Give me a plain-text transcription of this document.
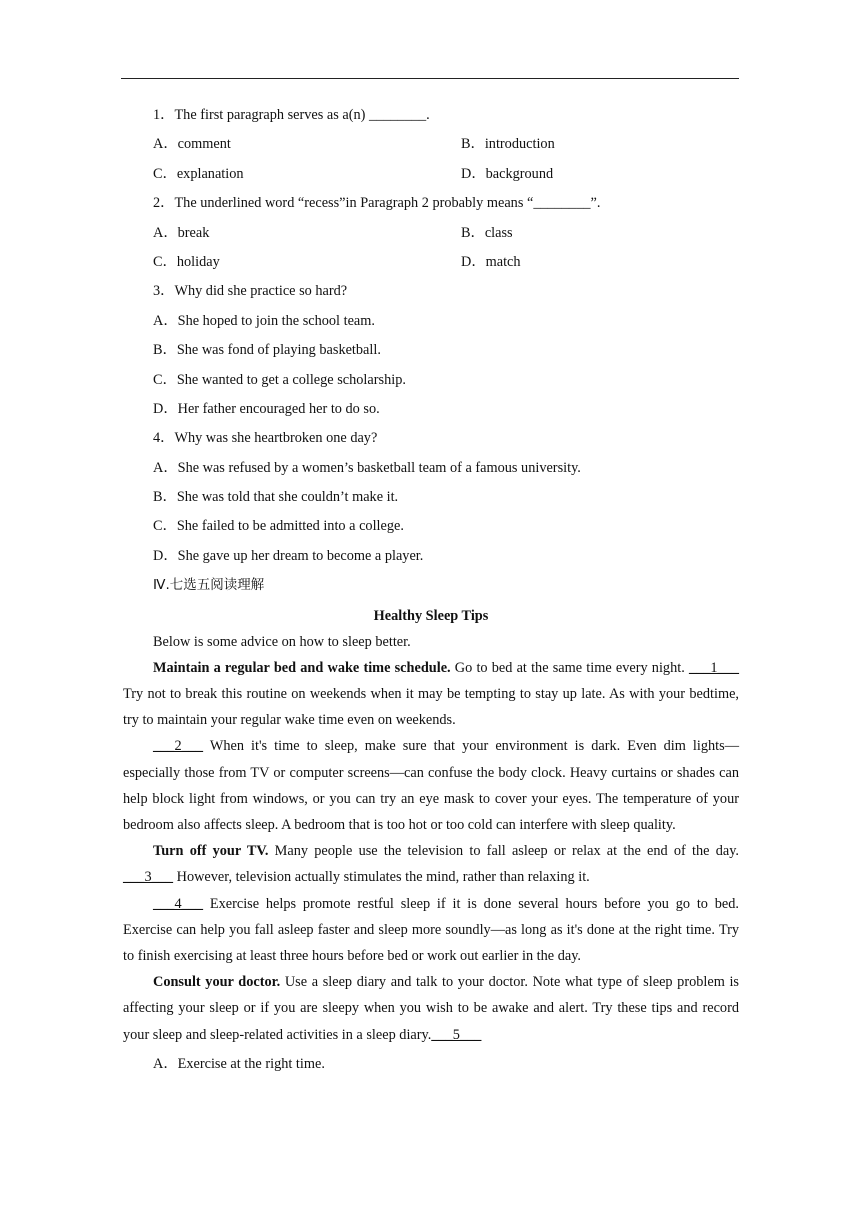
1．The first paragraph serves as a(n) ________.
A．comment	B．introduction
C．explanation	D．background
2．The underlined word “recess”in Paragraph 2 probably means “________”.
A．break	B．class
C．holiday	D．match
3．Why did she practice so hard?
A．She hoped to join the school team.
B．She was fond of playing basketball.
C．She wanted to get a college scholarship.
D．Her father encouraged her to do so.
4．Why was she heartbroken one day?
A．She was refused by a women’s basketball team of a famous university.
B．She was told that she couldn’t make it.
C．She failed to be admitted into a college.
D．She gave up her dream to become a player.
Ⅳ.七选五阅读理解
Healthy Sleep Tips

Below is some advice on how to sleep better.

Maintain a regular bed and wake time schedule. Go to bed at the same time every night. ___1___ Try not to break this routine on weekends when it may be tempting to stay up late. As with your bedtime, try to maintain your regular wake time even on weekends.

___2___ When it's time to sleep, make sure that your environment is dark. Even dim lights—especially those from TV or computer screens—can confuse the body clock. Heavy curtains or shades can help block light from windows, or you can try an eye mask to cover your eyes. The temperature of your bedroom also affects sleep. A bedroom that is too hot or too cold can interfere with sleep quality.

Turn off your TV. Many people use the television to fall asleep or relax at the end of the day. ___3___ However, television actually stimulates the mind, rather than relaxing it.

___4___ Exercise helps promote restful sleep if it is done several hours before you go to bed. Exercise can help you fall asleep faster and sleep more soundly—as long as it's done at the right time. Try to finish exercising at least three hours before bed or work out earlier in the day.

Consult your doctor. Use a sleep diary and talk to your doctor. Note what type of sleep problem is affecting your sleep or if you are sleepy when you wish to be awake and alert. Try these tips and record your sleep and sleep-related activities in a sleep diary.___5___

A．Exercise at the right time.
